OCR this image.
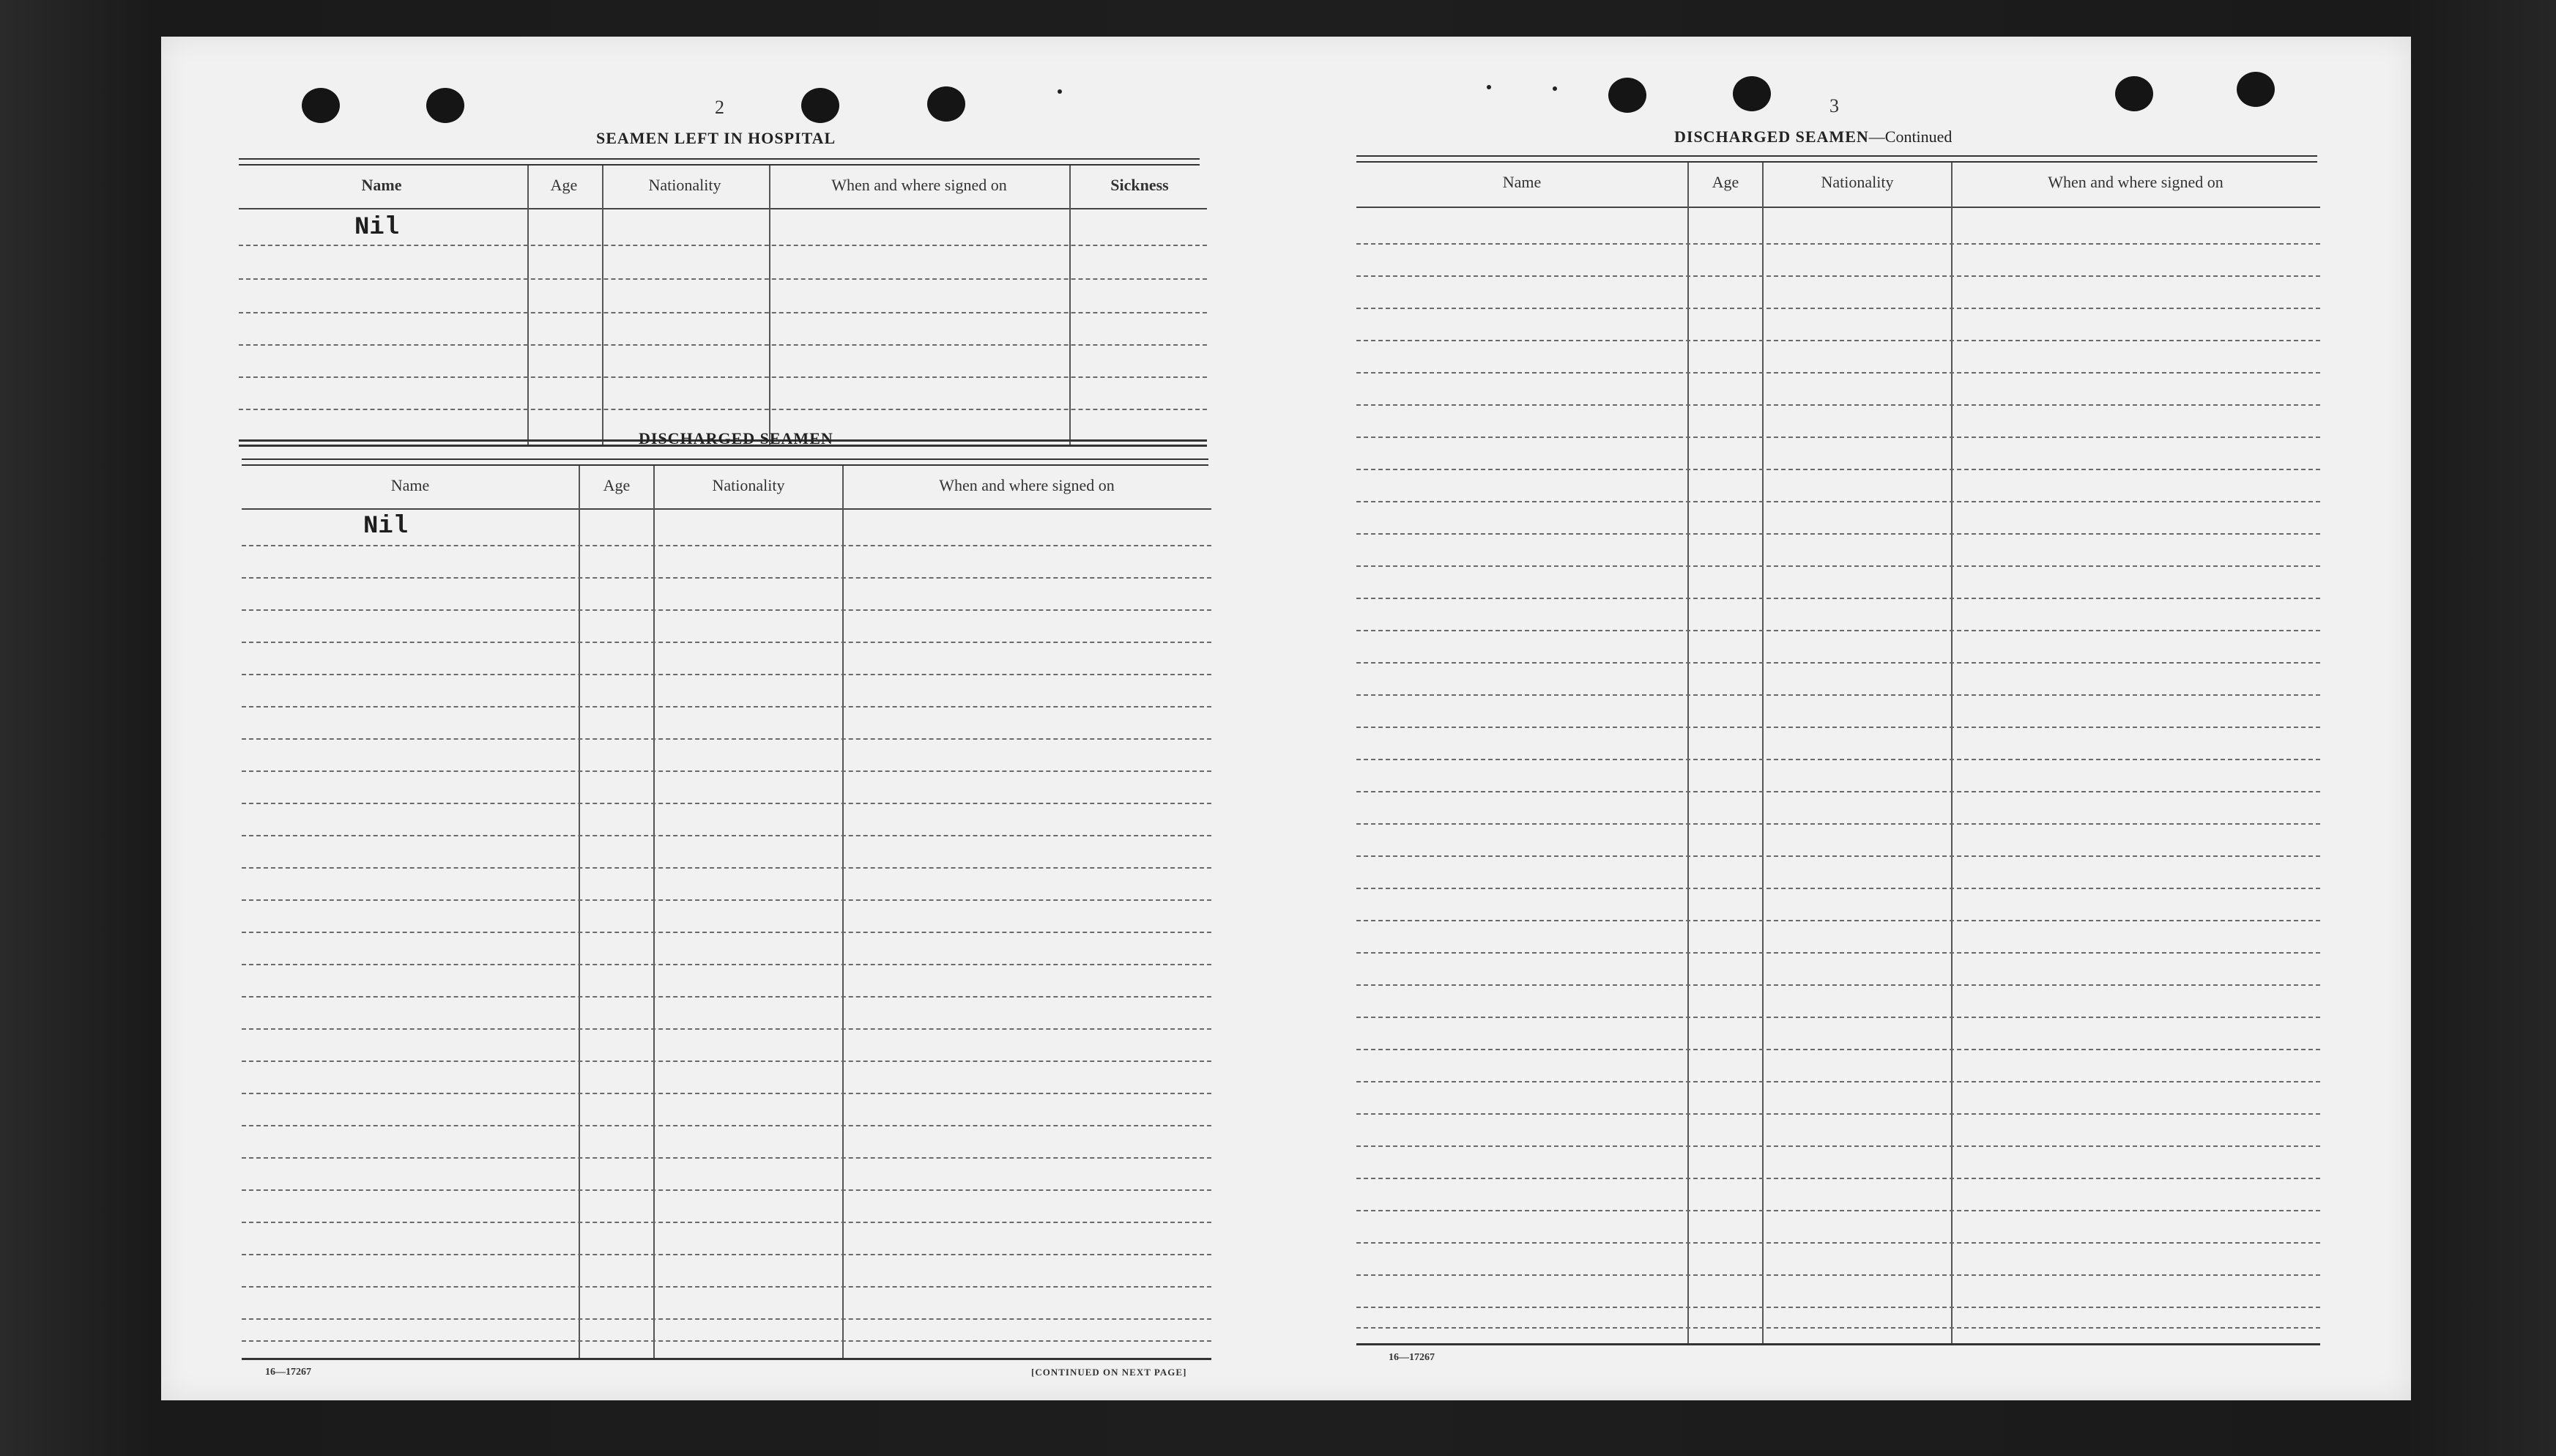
2
SEAMEN LEFT IN HOSPITAL
Name	Age	Nationality	When and where signed on	Sickness
Nil
DISCHARGED SEAMEN
Name	Age	Nationality	When and where signed on
Nil
16—17267	[CONTINUED ON NEXT PAGE]
3
DISCHARGED SEAMEN—Continued
Name	Age	Nationality	When and where signed on
16—17267
